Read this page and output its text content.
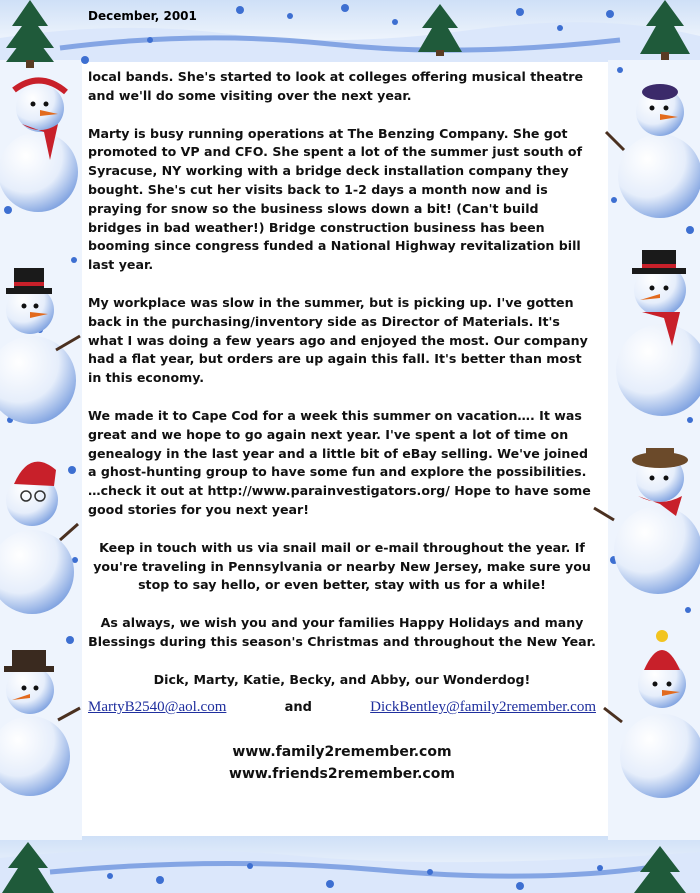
December, 2001

local bands. She's started to look at colleges offering musical theatre and we'll do some visiting over the next year.

Marty is busy running operations at The Benzing Company. She got promoted to VP and CFO. She spent a lot of the summer just south of Syracuse, NY working with a bridge deck installation company they bought. She's cut her visits back to 1-2 days a month now and is praying for snow so the business slows down a bit! (Can't build bridges in bad weather!) Bridge construction business has been booming since congress funded a National Highway revitalization bill last year.

My workplace was slow in the summer, but is picking up. I've gotten back in the purchasing/inventory side as Director of Materials. It's what I was doing a few years ago and enjoyed the most. Our company had a flat year, but orders are up again this fall. It's better than most in this economy.

We made it to Cape Cod for a week this summer on vacation…. It was great and we hope to go again next year. I've spent a lot of time on genealogy in the last year and a little bit of eBay selling. We've joined a ghost-hunting group to have some fun and explore the possibilities. …check it out at http://www.parainvestigators.org/ Hope to have some good stories for you next year!

Keep in touch with us via snail mail or e-mail throughout the year. If you're traveling in Pennsylvania or nearby New Jersey, make sure you stop to say hello, or even better, stay with us for a while!

As always, we wish you and your families Happy Holidays and many Blessings during this season's Christmas and throughout the New Year.

Dick, Marty, Katie, Becky, and Abby, our Wonderdog!

MartyB2540@aol.com	and	DickBentley@family2remember.com
www.family2remember.com
www.friends2remember.com
